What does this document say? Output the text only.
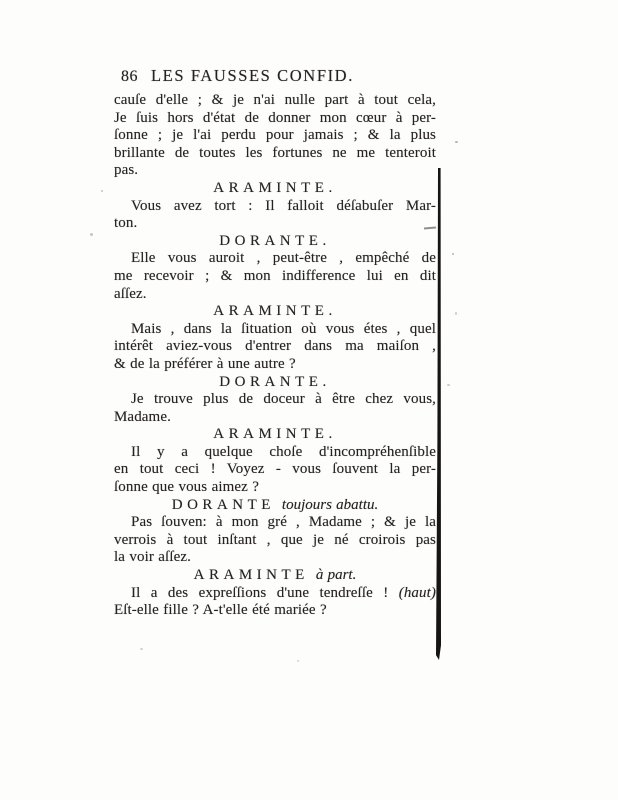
86 LES FAUSSES CONFID.
cauſe d'elle ; & je n'ai nulle part à tout cela,
Je ſuis hors d'état de donner mon cœur à per-
ſonne ; je l'ai perdu pour jamais ; & la plus
brillante de toutes les fortunes ne me tenteroit
pas.
ARAMINTE.
Vous avez tort : Il falloit déſabuſer Mar-
ton.
DORANTE.
Elle vous auroit , peut-être , empêché de
me recevoir ; & mon indifference lui en dit
aſſez.
ARAMINTE.
Mais , dans la ſituation où vous étes , quel
intérêt aviez-vous d'entrer dans ma maiſon ,
& de la préférer à une autre ?
DORANTE.
Je trouve plus de doceur à être chez vous,
Madame.
ARAMINTE.
Il y a quelque choſe d'incompréhenſible
en tout ceci ! Voyez - vous ſouvent la per-
ſonne que vous aimez ?
DORANTE toujours abattu.
Pas ſouven: à mon gré , Madame ; & je la
verrois à tout inſtant , que je né croirois pas
la voir aſſez.
ARAMINTE à part.
Il a des expreſſions d'une tendreſſe ! (haut)
Eſt-elle fille ? A-t'elle été mariée ?
